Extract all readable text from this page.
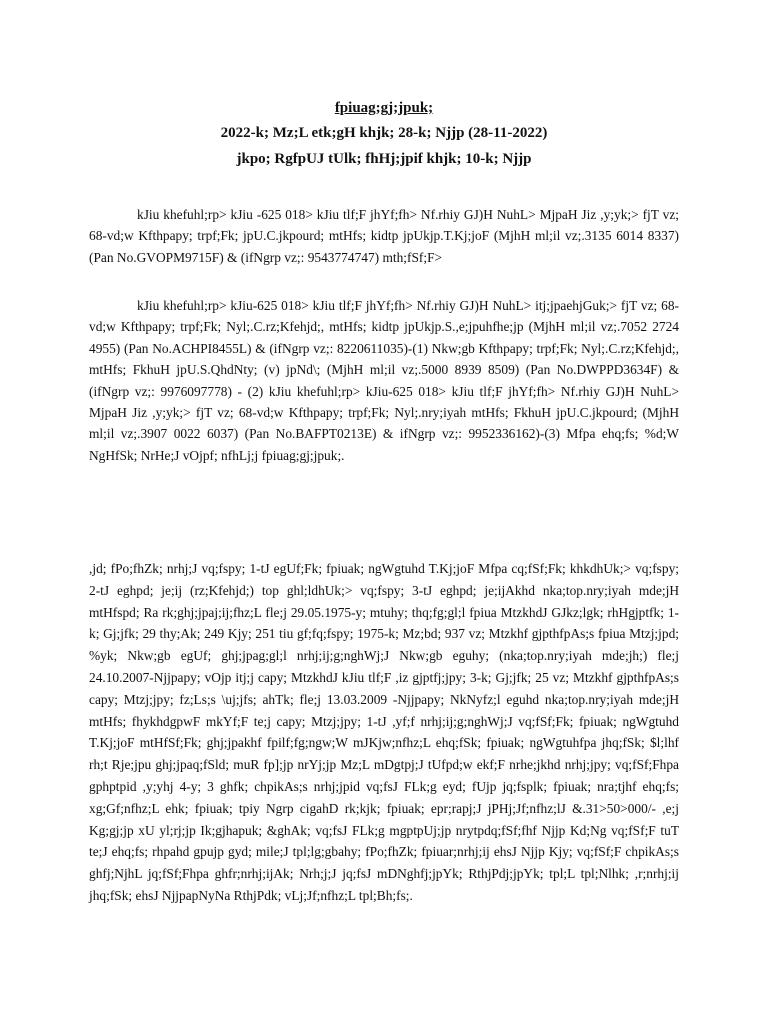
fpiuag;gj;jpuk;

2022-k; Mz;L etk;gH khjk; 28-k; Njjp (28-11-2022)

jkpo; RgfpUJ tUlk; fhHj;jpif khjk; 10-k; Njjp

kJiu khefuhl;rp> kJiu -625 018> kJiu tlf;F jhYf;fh> Nf.rhiy GJ)H NuhL> MjpaH Jiz ,y;yk;> fjT vz; 68-vd;w Kfthpapy; trpf;Fk; jpU.C.jkpourd; mtHfs; kidtp jpUkjp.T.Kj;joF (MjhH ml;il vz;.3135 6014 8337) (Pan No.GVOPM9715F) & (ifNgrp vz;: 9543774747) mth;fSf;F>

kJiu khefuhl;rp> kJiu-625 018> kJiu tlf;F jhYf;fh> Nf.rhiy GJ)H NuhL> itj;jpaehjGuk;> fjT vz; 68-vd;w Kfthpapy; trpf;Fk; Nyl;.C.rz;Kfehjd;, mtHfs; kidtp jpUkjp.S.,e;jpuhfhe;jp (MjhH ml;il vz;.7052 2724 4955) (Pan No.ACHPI8455L) & (ifNgrp vz;: 8220611035)-(1) Nkw;gb Kfthpapy; trpf;Fk; Nyl;.C.rz;Kfehjd;, mtHfs; FkhuH jpU.S.QhdNty; (v) jpNd\; (MjhH ml;il vz;.5000 8939 8509) (Pan No.DWPPD3634F) & (ifNgrp vz;: 9976097778) - (2) kJiu khefuhl;rp> kJiu-625 018> kJiu tlf;F jhYf;fh> Nf.rhiy GJ)H NuhL> MjpaH Jiz ,y;yk;> fjT vz; 68-vd;w Kfthpapy; trpf;Fk; Nyl;.nry;iyah mtHfs; FkhuH jpU.C.jkpourd; (MjhH ml;il vz;.3907 0022 6037) (Pan No.BAFPT0213E) & ifNgrp vz;: 9952336162)-(3) Mfpa ehq;fs; %d;W NgHfSk; NrHe;J vOjpf; nfhLj;j fpiuag;gj;jpuk;.

,jd; fPo;fhZk; nrhj;J vq;fspy; 1-tJ egUf;Fk; fpiuak; ngWgtuhd T.Kj;joF Mfpa cq;fSf;Fk; khkdhUk;> vq;fspy; 2-tJ eghpd; je;ij (rz;Kfehjd;) top ghl;ldhUk;> vq;fspy; 3-tJ eghpd; je;ijAkhd nka;top.nry;iyah mde;jH mtHfspd; Ra rk;ghj;jpaj;ij;fhz;L fle;j 29.05.1975-y; mtuhy; thq;fg;gl;l fpiua MtzkhdJ GJkz;lgk; rhHgjptfk; 1-k; Gj;jfk; 29 thy;Ak; 249 Kjy; 251 tiu gf;fq;fspy; 1975-k; Mz;bd; 937 vz; Mtzkhf gjpthfpAs;s fpiua Mtzj;jpd; %yk; Nkw;gb egUf; ghj;jpag;gl;l nrhj;ij;g;nghWj;J Nkw;gb eguhy; (nka;top.nry;iyah mde;jh;) fle;j 24.10.2007-Njjpapy; vOjp itj;j capy; MtzkhdJ kJiu tlf;F ,iz gjptfj;jpy; 3-k; Gj;jfk; 25 vz; Mtzkhf gjpthfpAs;s capy; Mtzj;jpy; fz;Ls;s \uj;jfs; ahTk; fle;j 13.03.2009 -Njjpapy; NkNyfz;l eguhd nka;top.nry;iyah mde;jH mtHfs; fhykhdgpwF mkYf;F te;j capy; Mtzj;jpy; 1-tJ ,yf;f nrhj;ij;g;nghWj;J vq;fSf;Fk; fpiuak; ngWgtuhd T.Kj;joF mtHfSf;Fk; ghj;jpakhf fpilf;fg;ngw;W mJKjw;nfhz;L ehq;fSk; fpiuak; ngWgtuhfpa jhq;fSk; $l;lhf rh;t Rje;jpu ghj;jpaq;fSld; muR fp];jp nrYj;jp Mz;L mDgtpj;J tUfpd;w ekf;F nrhe;jkhd nrhj;jpy; vq;fSf;Fhpa gphptpid ,y;yhj 4-y; 3 ghfk; chpikAs;s nrhj;jpid vq;fsJ FLk;g eyd; fUjp jq;fsplk; fpiuak; nra;tjhf ehq;fs; xg;Gf;nfhz;L ehk; fpiuak; tpiy Ngrp cigahD rk;kjk; fpiuak; epr;rapj;J jPHj;Jf;nfhz;lJ &.31>50>000/- ,e;j Kg;gj;jp xU yl;rj;jp Ik;gjhapuk; &ghAk; vq;fsJ FLk;g mgptpUj;jp nrytpdq;fSf;fhf Njjp Kd;Ng vq;fSf;F tuT te;J ehq;fs; rhpahd gpujp gyd; mile;J tpl;lg;gbahy; fPo;fhZk; fpiuar;nrhj;ij ehsJ Njjp Kjy; vq;fSf;F chpikAs;s ghfj;NjhL jq;fSf;Fhpa ghfr;nrhj;ijAk; Nrh;j;J jq;fsJ mDNghfj;jpYk; RthjPdj;jpYk; tpl;L tpl;Nlhk; ,r;nrhj;ij jhq;fSk; ehsJ NjjpapNyNa RthjPdk; vLj;Jf;nfhz;L tpl;Bh;fs;.
